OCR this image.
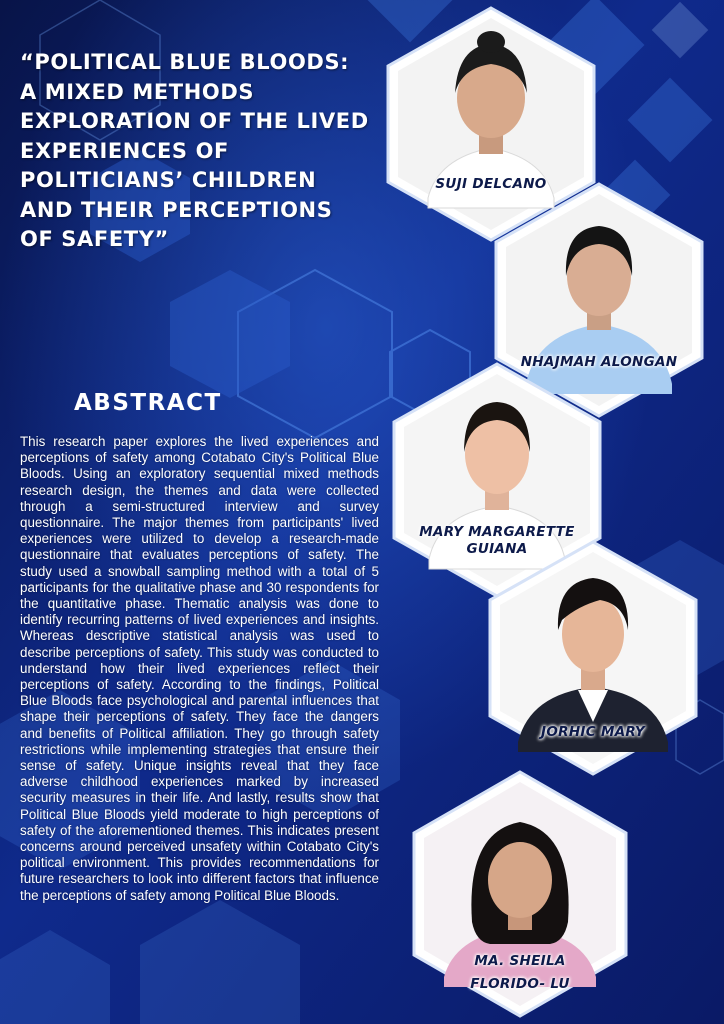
“POLITICAL BLUE BLOODS: A MIXED METHODS EXPLORATION OF THE LIVED EXPERIENCES OF POLITICIANS’ CHILDREN AND THEIR PERCEPTIONS OF SAFETY”
ABSTRACT

This research paper explores the lived experiences and perceptions of safety among Cotabato City's Political Blue Bloods. Using an exploratory sequential mixed methods research design, the themes and data were collected through a semi-structured interview and survey questionnaire. The major themes from participants' lived experiences were utilized to develop a research-made questionnaire that evaluates perceptions of safety. The study used a snowball sampling method with a total of 5 participants for the qualitative phase and 30 respondents for the quantitative phase. Thematic analysis was done to identify recurring patterns of lived experiences and insights. Whereas descriptive statistical analysis was used to describe perceptions of safety. This study was conducted to understand how their lived experiences reflect their perceptions of safety. According to the findings, Political Blue Bloods face psychological and parental influences that shape their perceptions of safety. They face the dangers and benefits of Political affiliation. They go through safety restrictions while implementing strategies that ensure their sense of safety. Unique insights reveal that they face adverse childhood experiences marked by increased security measures in their life. And lastly, results show that Political Blue Bloods yield moderate to high perceptions of safety of the aforementioned themes. This indicates present concerns around perceived unsafety within Cotabato City's political environment. This provides recommendations for future researchers to look into different factors that influence the perceptions of safety among Political Blue Bloods.

SUJI DELCANO
NHAJMAH ALONGAN
MARY MARGARETTE GUIANA
JORHIC MARY
MA. SHEILA FLORIDO- LU
